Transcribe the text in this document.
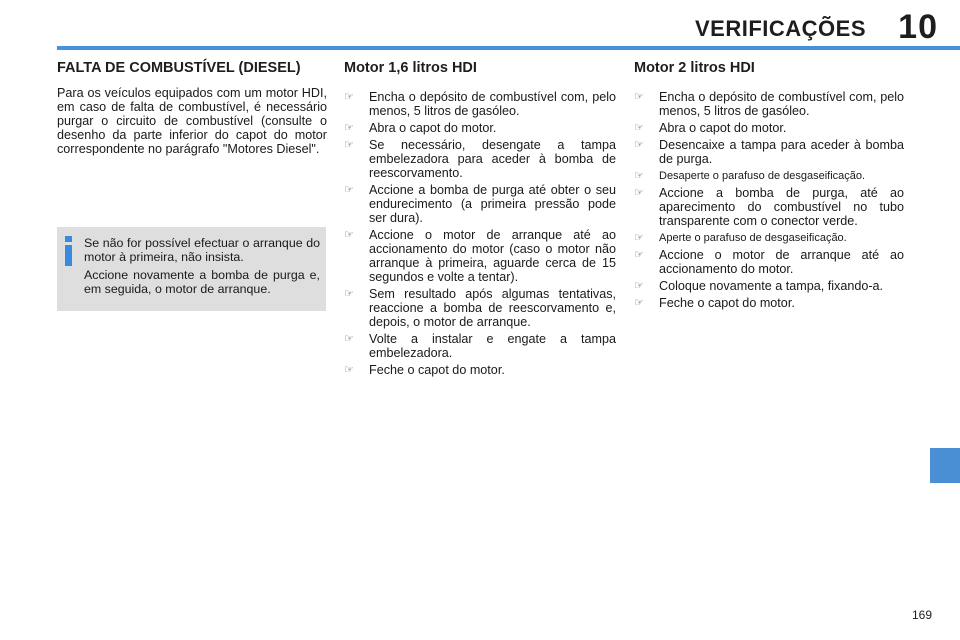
VERIFICAÇÕES 10
FALTA DE COMBUSTÍVEL (DIESEL)

Para os veículos equipados com um motor HDI, em caso de falta de combustível, é necessário purgar o circuito de combustível (consulte o desenho da parte inferior do capot do motor correspondente no parágrafo "Motores Diesel".

Se não for possível efectuar o arranque do motor à primeira, não insista.

Accione novamente a bomba de purga e, em seguida, o motor de arranque.

Motor 1,6 litros HDI
☞ Encha o depósito de combustível com, pelo menos, 5 litros de gasóleo.
☞ Abra o capot do motor.
☞ Se necessário, desengate a tampa embelezadora para aceder à bomba de reescorvamento.
☞ Accione a bomba de purga até obter o seu endurecimento (a primeira pressão pode ser dura).
☞ Accione o motor de arranque até ao accionamento do motor (caso o motor não arranque à primeira, aguarde cerca de 15 segundos e volte a tentar).
☞ Sem resultado após algumas tentativas, reaccione a bomba de reescorvamento e, depois, o motor de arranque.
☞ Volte a instalar e engate a tampa embelezadora.
☞ Feche o capot do motor.
Motor 2 litros HDI
☞ Encha o depósito de combustível com, pelo menos, 5 litros de gasóleo.
☞ Abra o capot do motor.
☞ Desencaixe a tampa para aceder à bomba de purga.
☞ Desaperte o parafuso de desgaseificação.
☞ Accione a bomba de purga, até ao aparecimento do combustível no tubo transparente com o conector verde.
☞ Aperte o parafuso de desgaseificação.
☞ Accione o motor de arranque até ao accionamento do motor.
☞ Coloque novamente a tampa, fixando-a.
☞ Feche o capot do motor.
169
